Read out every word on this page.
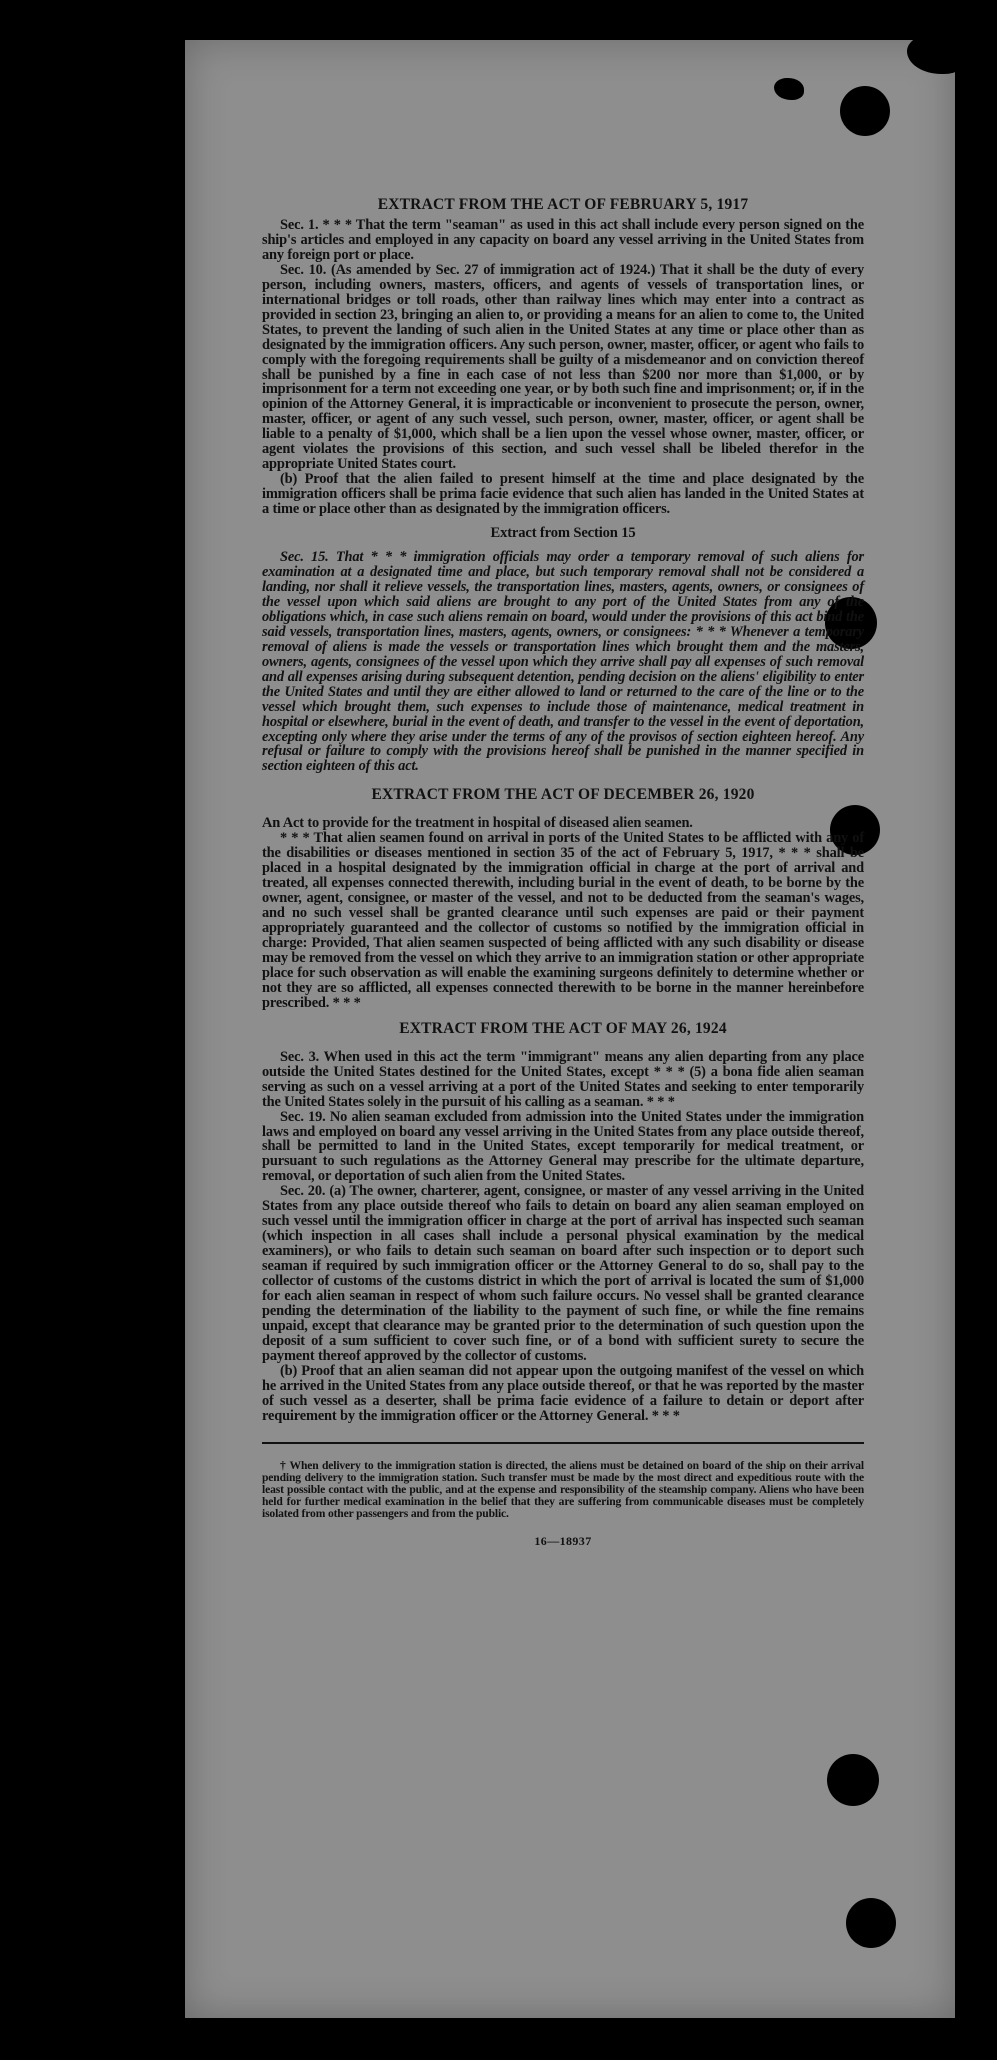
EXTRACT FROM THE ACT OF FEBRUARY 5, 1917

Sec. 1. * * * That the term "seaman" as used in this act shall include every person signed on the ship's articles and employed in any capacity on board any vessel arriving in the United States from any foreign port or place.

Sec. 10. (As amended by Sec. 27 of immigration act of 1924.) That it shall be the duty of every person, including owners, masters, officers, and agents of vessels of transportation lines, or international bridges or toll roads, other than railway lines which may enter into a contract as provided in section 23, bringing an alien to, or providing a means for an alien to come to, the United States, to prevent the landing of such alien in the United States at any time or place other than as designated by the immigration officers. Any such person, owner, master, officer, or agent who fails to comply with the foregoing requirements shall be guilty of a misdemeanor and on conviction thereof shall be punished by a fine in each case of not less than $200 nor more than $1,000, or by imprisonment for a term not exceeding one year, or by both such fine and imprisonment; or, if in the opinion of the Attorney General, it is impracticable or inconvenient to prosecute the person, owner, master, officer, or agent of any such vessel, such person, owner, master, officer, or agent shall be liable to a penalty of $1,000, which shall be a lien upon the vessel whose owner, master, officer, or agent violates the provisions of this section, and such vessel shall be libeled therefor in the appropriate United States court.

(b) Proof that the alien failed to present himself at the time and place designated by the immigration officers shall be prima facie evidence that such alien has landed in the United States at a time or place other than as designated by the immigration officers.

Extract from Section 15

Sec. 15. That * * * immigration officials may order a temporary removal of such aliens for examination at a designated time and place, but such temporary removal shall not be considered a landing, nor shall it relieve vessels, the transportation lines, masters, agents, owners, or consignees of the vessel upon which said aliens are brought to any port of the United States from any of the obligations which, in case such aliens remain on board, would under the provisions of this act bind the said vessels, transportation lines, masters, agents, owners, or consignees: * * * Whenever a temporary removal of aliens is made the vessels or transportation lines which brought them and the masters, owners, agents, consignees of the vessel upon which they arrive shall pay all expenses of such removal and all expenses arising during subsequent detention, pending decision on the aliens' eligibility to enter the United States and until they are either allowed to land or returned to the care of the line or to the vessel which brought them, such expenses to include those of maintenance, medical treatment in hospital or elsewhere, burial in the event of death, and transfer to the vessel in the event of deportation, excepting only where they arise under the terms of any of the provisos of section eighteen hereof. Any refusal or failure to comply with the provisions hereof shall be punished in the manner specified in section eighteen of this act.

EXTRACT FROM THE ACT OF DECEMBER 26, 1920

An Act to provide for the treatment in hospital of diseased alien seamen.

* * * That alien seamen found on arrival in ports of the United States to be afflicted with any of the disabilities or diseases mentioned in section 35 of the act of February 5, 1917, * * * shall be placed in a hospital designated by the immigration official in charge at the port of arrival and treated, all expenses connected therewith, including burial in the event of death, to be borne by the owner, agent, consignee, or master of the vessel, and not to be deducted from the seaman's wages, and no such vessel shall be granted clearance until such expenses are paid or their payment appropriately guaranteed and the collector of customs so notified by the immigration official in charge: Provided, That alien seamen suspected of being afflicted with any such disability or disease may be removed from the vessel on which they arrive to an immigration station or other appropriate place for such observation as will enable the examining surgeons definitely to determine whether or not they are so afflicted, all expenses connected therewith to be borne in the manner hereinbefore prescribed. * * *

EXTRACT FROM THE ACT OF MAY 26, 1924

Sec. 3. When used in this act the term "immigrant" means any alien departing from any place outside the United States destined for the United States, except * * * (5) a bona fide alien seaman serving as such on a vessel arriving at a port of the United States and seeking to enter temporarily the United States solely in the pursuit of his calling as a seaman. * * *

Sec. 19. No alien seaman excluded from admission into the United States under the immigration laws and employed on board any vessel arriving in the United States from any place outside thereof, shall be permitted to land in the United States, except temporarily for medical treatment, or pursuant to such regulations as the Attorney General may prescribe for the ultimate departure, removal, or deportation of such alien from the United States.

Sec. 20. (a) The owner, charterer, agent, consignee, or master of any vessel arriving in the United States from any place outside thereof who fails to detain on board any alien seaman employed on such vessel until the immigration officer in charge at the port of arrival has inspected such seaman (which inspection in all cases shall include a personal physical examination by the medical examiners), or who fails to detain such seaman on board after such inspection or to deport such seaman if required by such immigration officer or the Attorney General to do so, shall pay to the collector of customs of the customs district in which the port of arrival is located the sum of $1,000 for each alien seaman in respect of whom such failure occurs. No vessel shall be granted clearance pending the determination of the liability to the payment of such fine, or while the fine remains unpaid, except that clearance may be granted prior to the determination of such question upon the deposit of a sum sufficient to cover such fine, or of a bond with sufficient surety to secure the payment thereof approved by the collector of customs.

(b) Proof that an alien seaman did not appear upon the outgoing manifest of the vessel on which he arrived in the United States from any place outside thereof, or that he was reported by the master of such vessel as a deserter, shall be prima facie evidence of a failure to detain or deport after requirement by the immigration officer or the Attorney General. * * *

† When delivery to the immigration station is directed, the aliens must be detained on board of the ship on their arrival pending delivery to the immigration station. Such transfer must be made by the most direct and expeditious route with the least possible contact with the public, and at the expense and responsibility of the steamship company. Aliens who have been held for further medical examination in the belief that they are suffering from communicable diseases must be completely isolated from other passengers and from the public.

16—18937
